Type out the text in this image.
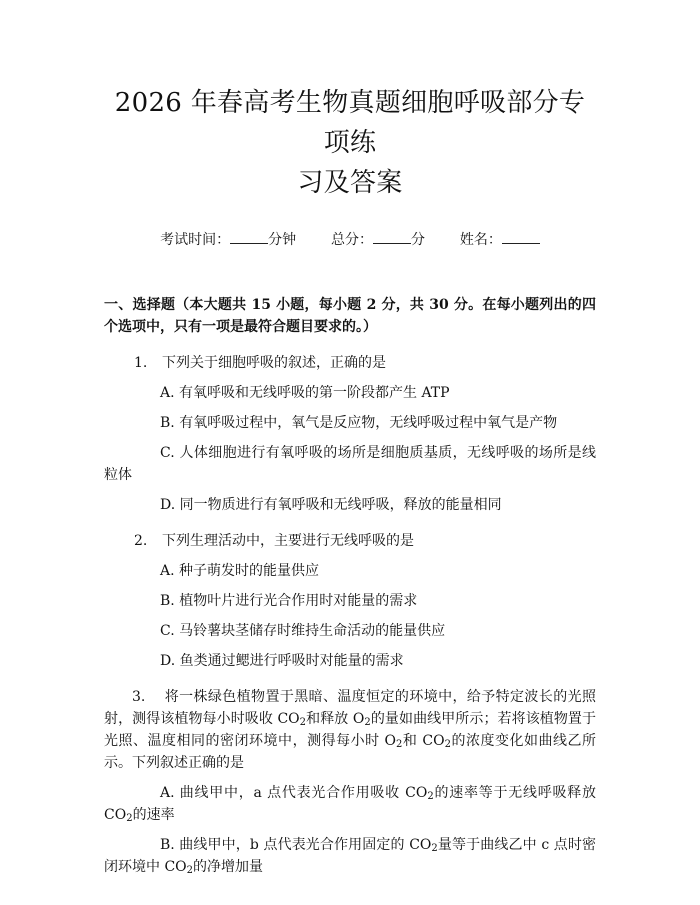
2026 年春高考生物真题细胞呼吸部分专项练
习及答案
考试时间：	分钟 总分：	分 姓名：
一、选择题（本大题共 15 小题，每小题 2 分，共 30 分。在每小题列出的四个选项中，只有一项是最符合题目要求的。）
1. 下列关于细胞呼吸的叙述，正确的是
A. 有氧呼吸和无线呼吸的第一阶段都产生 ATP
B. 有氧呼吸过程中，氧气是反应物，无线呼吸过程中氧气是产物
C. 人体细胞进行有氧呼吸的场所是细胞质基质，无线呼吸的场所是线粒体
D. 同一物质进行有氧呼吸和无线呼吸，释放的能量相同
2. 下列生理活动中，主要进行无线呼吸的是
A. 种子萌发时的能量供应
B. 植物叶片进行光合作用时对能量的需求
C. 马铃薯块茎储存时维持生命活动的能量供应
D. 鱼类通过鳃进行呼吸时对能量的需求
3. 将一株绿色植物置于黑暗、温度恒定的环境中，给予特定波长的光照射，测得该植物每小时吸收 $CO_2$和释放 $O_2$的量如曲线甲所示；若将该植物置于光照、温度相同的密闭环境中，测得每小时 $O_2$和 $CO_2$的浓度变化如曲线乙所示。下列叙述正确的是
A. 曲线甲中，a 点代表光合作用吸收 $CO_2$的速率等于无线呼吸释放 $CO_2$的速率
B. 曲线甲中，b 点代表光合作用固定的 $CO_2$量等于曲线乙中 c 点时密闭环境中 $CO_2$的净增加量
